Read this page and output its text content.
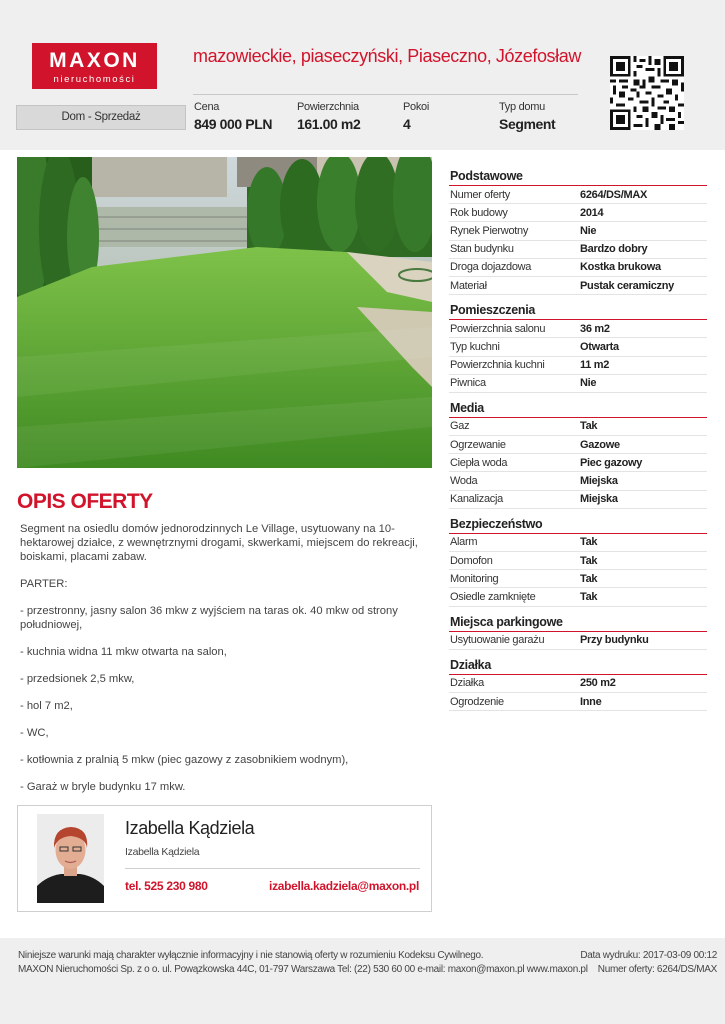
MAXON
nieruchomości
mazowieckie, piaseczyński, Piaseczno, Józefosław
Dom - Sprzedaż
Cena
849 000 PLN
Powierzchnia
161.00 m2
Pokoi
4
Typ domu
Segment
OPIS OFERTY

Segment na osiedlu domów jednorodzinnych Le Village, usytuowany na 10-hektarowej działce, z wewnętrznymi drogami, skwerkami, miejscem do rekreacji, boiskami, placami zabaw.

PARTER:

- przestronny, jasny salon 36 mkw z wyjściem na taras ok. 40 mkw od strony południowej,

- kuchnia widna 11 mkw otwarta na salon,

- przedsionek 2,5 mkw,

- hol 7 m2,

- WC,

- kotłownia z pralnią 5 mkw (piec gazowy z zasobnikiem wodnym),

- Garaż w bryle budynku 17 mkw.

Izabella Kądziela
Izabella Kądziela
tel. 525 230 980	izabella.kadziela@maxon.pl
Podstawowe
Numer oferty	6264/DS/MAX
Rok budowy	2014
Rynek Pierwotny	Nie
Stan budynku	Bardzo dobry
Droga dojazdowa	Kostka brukowa
Materiał	Pustak ceramiczny
Pomieszczenia
Powierzchnia salonu	36 m2
Typ kuchni	Otwarta
Powierzchnia kuchni	11 m2
Piwnica	Nie
Media
Gaz	Tak
Ogrzewanie	Gazowe
Ciepła woda	Piec gazowy
Woda	Miejska
Kanalizacja	Miejska
Bezpieczeństwo
Alarm	Tak
Domofon	Tak
Monitoring	Tak
Osiedle zamknięte	Tak
Miejsca parkingowe
Usytuowanie garażu	Przy budynku
Działka
Działka	250 m2
Ogrodzenie	Inne
Niniejsze warunki mają charakter wyłącznie informacyjny i nie stanowią oferty w rozumieniu Kodeksu Cywilnego.
MAXON Nieruchomości Sp. z o o. ul. Powązkowska 44C, 01-797 Warszawa Tel: (22) 530 60 00 e-mail: maxon@maxon.pl www.maxon.pl
Data wydruku: 2017-03-09 00:12
Numer oferty: 6264/DS/MAX
